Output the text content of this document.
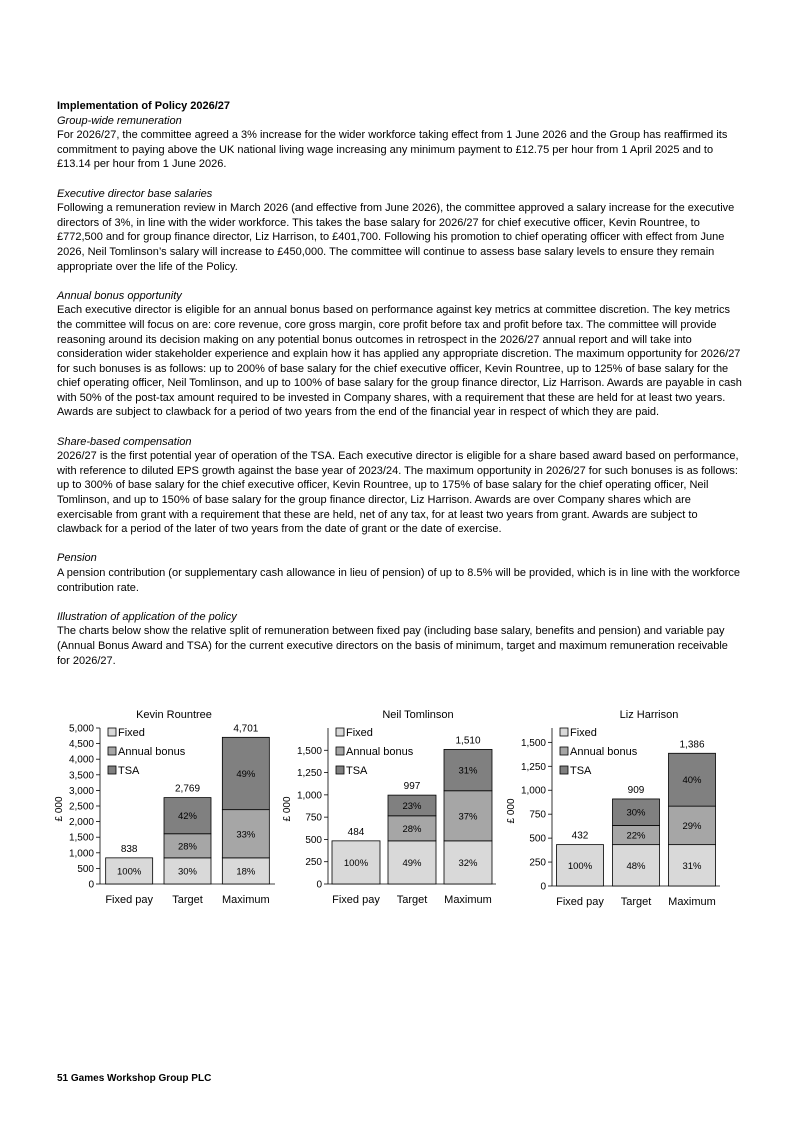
Implementation of Policy 2026/27

Group-wide remuneration

For 2026/27, the committee agreed a 3% increase for the wider workforce taking effect from 1 June 2026 and the Group has reaffirmed its commitment to paying above the UK national living wage increasing any minimum payment to £12.75 per hour from 1 April 2025 and to £13.14 per hour from 1 June 2026.

Executive director base salaries

Following a remuneration review in March 2026 (and effective from June 2026), the committee approved a salary increase for the executive directors of 3%, in line with the wider workforce. This takes the base salary for 2026/27 for chief executive officer, Kevin Rountree, to £772,500 and for group finance director, Liz Harrison, to £401,700. Following his promotion to chief operating officer with effect from June 2026, Neil Tomlinson’s salary will increase to £450,000. The committee will continue to assess base salary levels to ensure they remain appropriate over the life of the Policy.

Annual bonus opportunity

Each executive director is eligible for an annual bonus based on performance against key metrics at committee discretion. The key metrics the committee will focus on are: core revenue, core gross margin, core profit before tax and profit before tax. The committee will provide reasoning around its decision making on any potential bonus outcomes in retrospect in the 2026/27 annual report and will take into consideration wider stakeholder experience and explain how it has applied any appropriate discretion. The maximum opportunity for 2026/27 for such bonuses is as follows: up to 200% of base salary for the chief executive officer, Kevin Rountree, up to 125% of base salary for the chief operating officer, Neil Tomlinson, and up to 100% of base salary for the group finance director, Liz Harrison. Awards are payable in cash with 50% of the post-tax amount required to be invested in Company shares, with a requirement that these are held for at least two years. Awards are subject to clawback for a period of two years from the end of the financial year in respect of which they are paid.

Share-based compensation

2026/27 is the first potential year of operation of the TSA. Each executive director is eligible for a share based award based on performance, with reference to diluted EPS growth against the base year of 2023/24. The maximum opportunity in 2026/27 for such bonuses is as follows: up to 300% of base salary for the chief executive officer, Kevin Rountree, up to 175% of base salary for the chief operating officer, Neil Tomlinson, and up to 150% of base salary for the group finance director, Liz Harrison. Awards are over Company shares which are exercisable from grant with a requirement that these are held, net of any tax, for at least two years from grant. Awards are subject to clawback for a period of the later of two years from the date of grant or the date of exercise.

Pension

A pension contribution (or supplementary cash allowance in lieu of pension) of up to 8.5% will be provided, which is in line with the workforce contribution rate.

Illustration of application of the policy

The charts below show the relative split of remuneration between fixed pay (including base salary, benefits and pension) and variable pay (Annual Bonus Award and TSA) for the current executive directors on the basis of minimum, target and maximum remuneration receivable for 2026/27.

Kevin Rountree
0
500
1,000
1,500
2,000
2,500
3,000
3,500
4,000
4,500
5,000
£ 000
100%
838
Fixed pay
30%
28%
42%
2,769
Target
18%
33%
49%
4,701
Maximum
Fixed
Annual bonus
TSA
Neil Tomlinson
0
250
500
750
1,000
1,250
1,500
£ 000
100%
484
Fixed pay
49%
28%
23%
997
Target
32%
37%
31%
1,510
Maximum
Fixed
Annual bonus
TSA
Liz Harrison
0
250
500
750
1,000
1,250
1,500
£ 000
100%
432
Fixed pay
48%
22%
30%
909
Target
31%
29%
40%
1,386
Maximum
Fixed
Annual bonus
TSA
51 Games Workshop Group PLC
